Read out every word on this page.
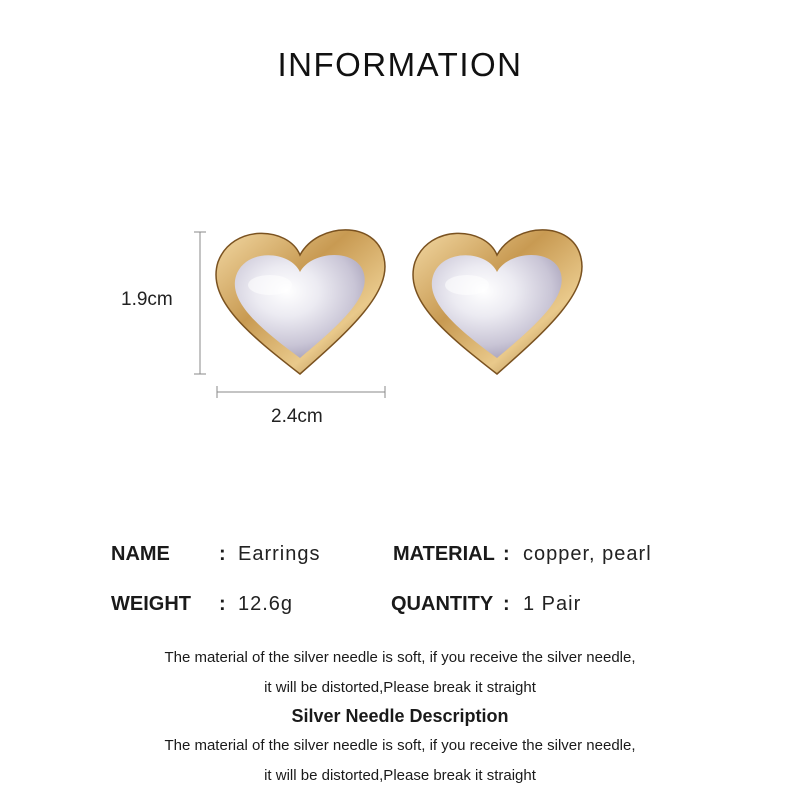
INFORMATION
1.9cm
2.4cm
NAME : Earrings	MATERIAL : copper, pearl
WEIGHT : 12.6g	QUANTITY : 1 Pair
The material of the silver needle is soft, if you receive the silver needle,
it will be distorted,Please break it straight
Silver Needle Description
The material of the silver needle is soft, if you receive the silver needle,
it will be distorted,Please break it straight
